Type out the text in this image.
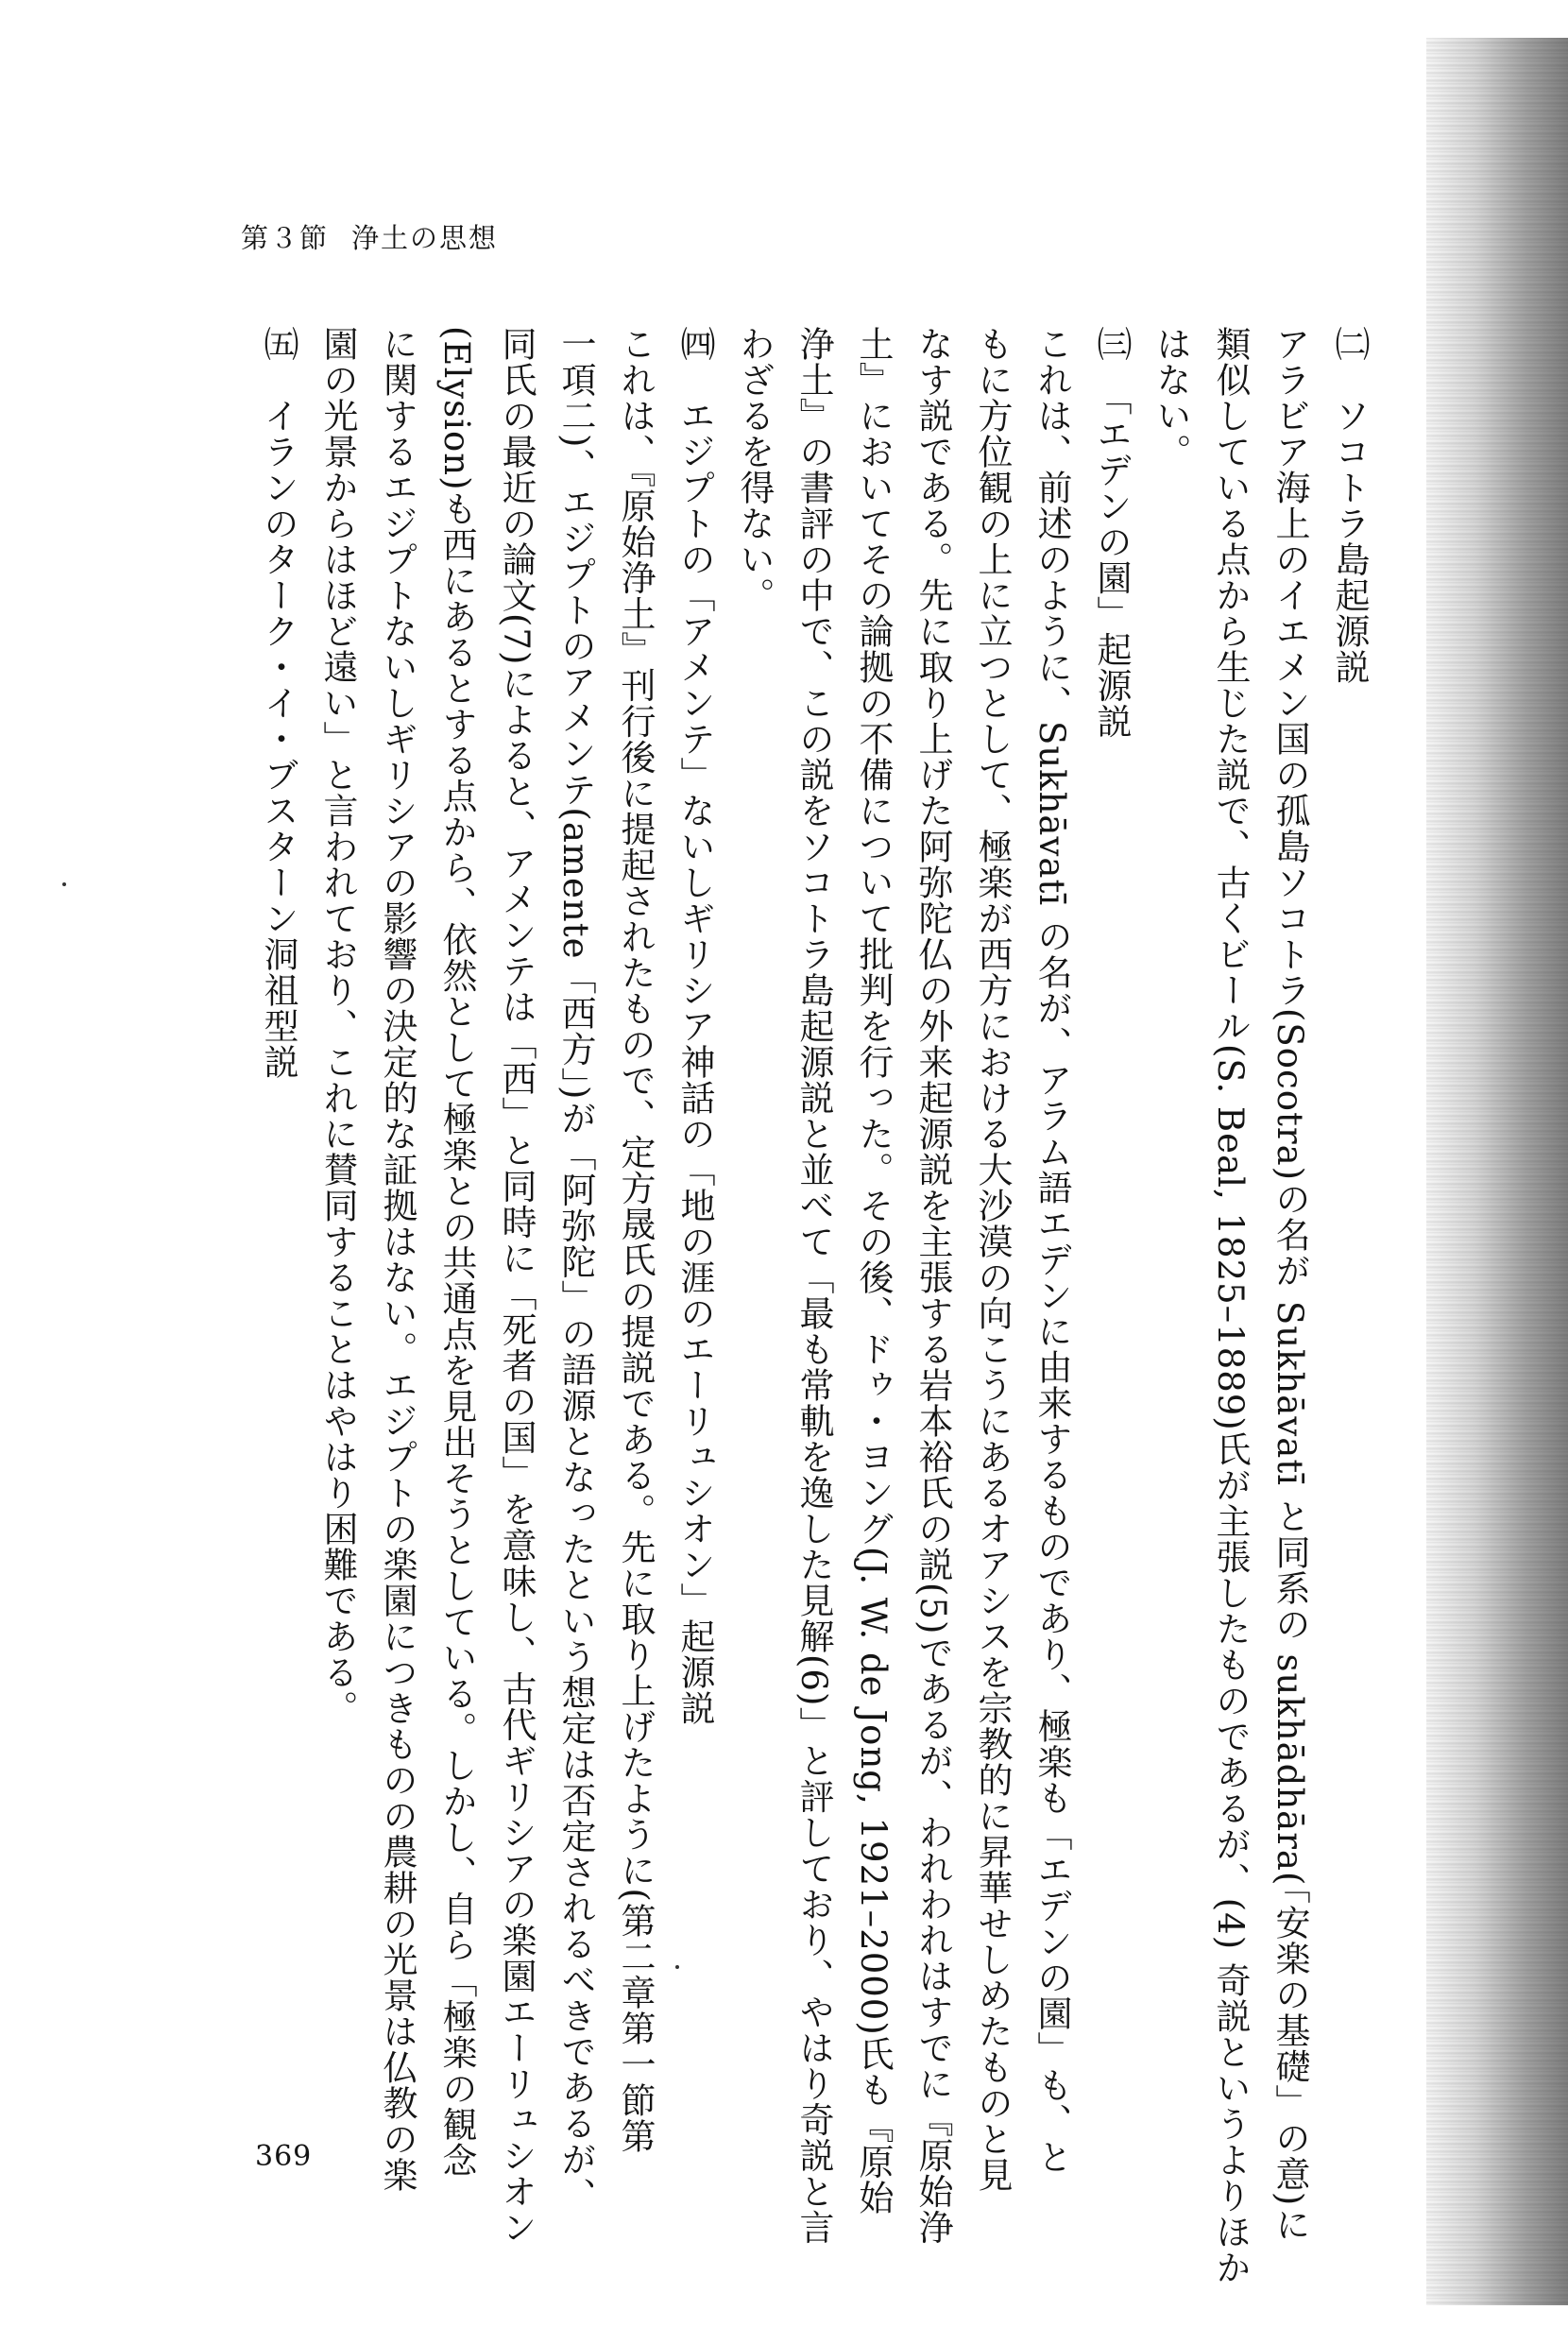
第３節 浄土の思想
㈡　ソコトラ島起源説
アラビア海上のイエメン国の孤島ソコトラ(Socotra)の名が Sukhāvatī と同系の sukhādhāra(「安楽の基礎」の意)に
類似している点から生じた説で、古くビール(S. Beal, 1825–1889)氏が主張したものであるが、(4) 奇説というよりほか
はない。
㈢　「エデンの園」起源説
これは、前述のように、Sukhāvatī の名が、アラム語エデンに由来するものであり、極楽も「エデンの園」も、と
もに方位観の上に立つとして、極楽が西方における大沙漠の向こうにあるオアシスを宗教的に昇華せしめたものと見
なす説である。先に取り上げた阿弥陀仏の外来起源説を主張する岩本裕氏の説(5)であるが、われわれはすでに『原始浄
土』においてその論拠の不備について批判を行った。その後、ドゥ・ヨング(J. W. de Jong, 1921–2000)氏も『原始
浄土』の書評の中で、この説をソコトラ島起源説と並べて「最も常軌を逸した見解(6)」と評しており、やはり奇説と言
わざるを得ない。
㈣　エジプトの「アメンテ」ないしギリシア神話の「地の涯のエーリュシオン」起源説
これは、『原始浄土』刊行後に提起されたもので、定方晟氏の提説である。先に取り上げたように(第二章第一節第
一項二)、エジプトのアメンテ(amente「西方」)が「阿弥陀」の語源となったという想定は否定されるべきであるが、
同氏の最近の論文(7)によると、アメンテは「西」と同時に「死者の国」を意味し、古代ギリシアの楽園エーリュシオン
(Elysion)も西にあるとする点から、依然として極楽との共通点を見出そうとしている。しかし、自ら「極楽の観念
に関するエジプトないしギリシアの影響の決定的な証拠はない。エジプトの楽園につきものの農耕の光景は仏教の楽
園の光景からはほど遠い」と言われており、これに賛同することはやはり困難である。
㈤　イランのターク・イ・ブスターン洞祖型説
369
